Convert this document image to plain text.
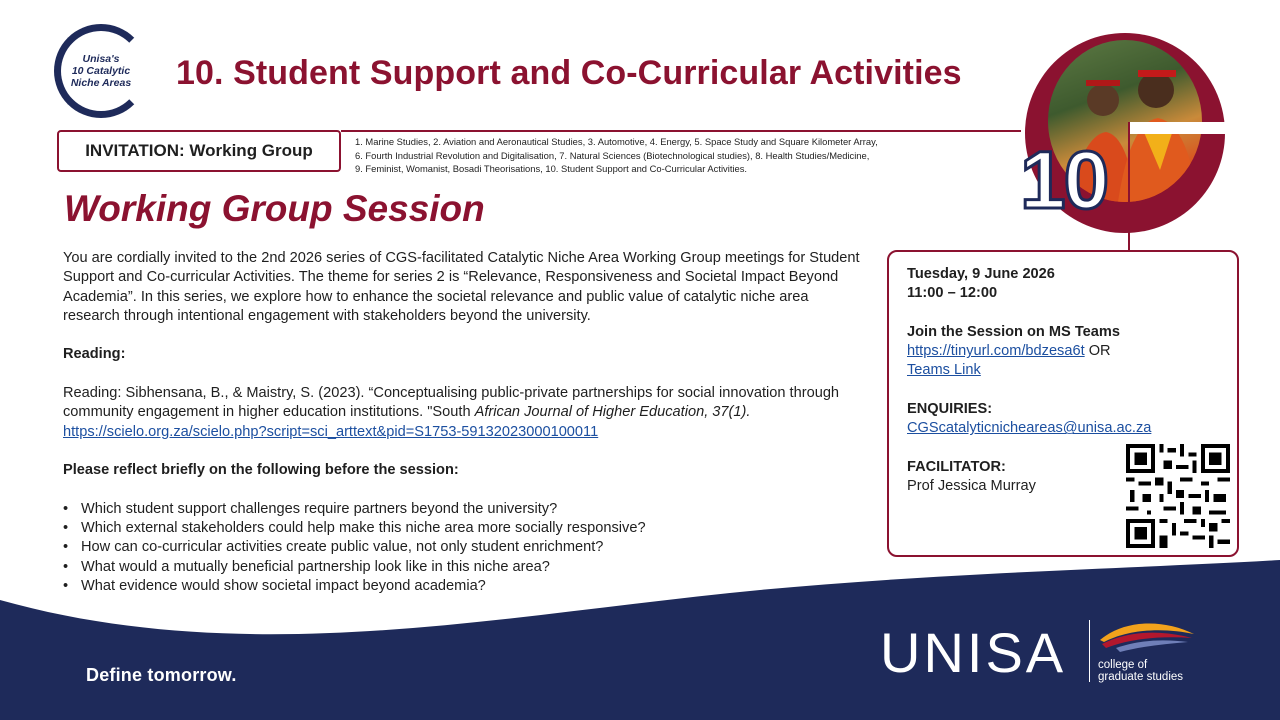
Unisa's
10 Catalytic
Niche Areas 10. Student Support and Co-Curricular Activities
INVITATION: Working Group	1. Marine Studies, 2. Aviation and Aeronautical Studies, 3. Automotive, 4. Energy, 5. Space Study and Square Kilometer Array,
6. Fourth Industrial Revolution and Digitalisation, 7. Natural Sciences (Biotechnological studies), 8. Health Studies/Medicine,
9. Feminist, Womanist, Bosadi Theorisations, 10. Student Support and Co-Curricular Activities.	10
Working Group Session

You are cordially invited to the 2nd 2026 series of CGS-facilitated Catalytic Niche Area Working Group meetings for Student Support and Co-curricular Activities. The theme for series 2 is “Relevance, Responsiveness and Societal Impact Beyond Academia”. In this series, we explore how to enhance the societal relevance and public value of catalytic niche area research through intentional engagement with stakeholders beyond the university.

Reading:

Reading: Sibhensana, B., & Maistry, S. (2023). “Conceptualising public-private partnerships for social innovation through community engagement in higher education institutions. "South African Journal of Higher Education, 37(1). https://scielo.org.za/scielo.php?script=sci_arttext&pid=S1753-59132023000100011

Please reflect briefly on the following before the session:

• Which student support challenges require partners beyond the university?
• Which external stakeholders could help make this niche area more socially responsive?
• How can co-curricular activities create public value, not only student enrichment?
• What would a mutually beneficial partnership look like in this niche area?
• What evidence would show societal impact beyond academia?

Tuesday, 9 June 2026

11:00 – 12:00

Join the Session on MS Teams

https://tinyurl.com/bdzesa6t OR

Teams Link

ENQUIRIES:

CGScatalyticnicheareas@unisa.ac.za

FACILITATOR:

Prof Jessica Murray

Define tomorrow.	UNISA	college of
graduate studies
